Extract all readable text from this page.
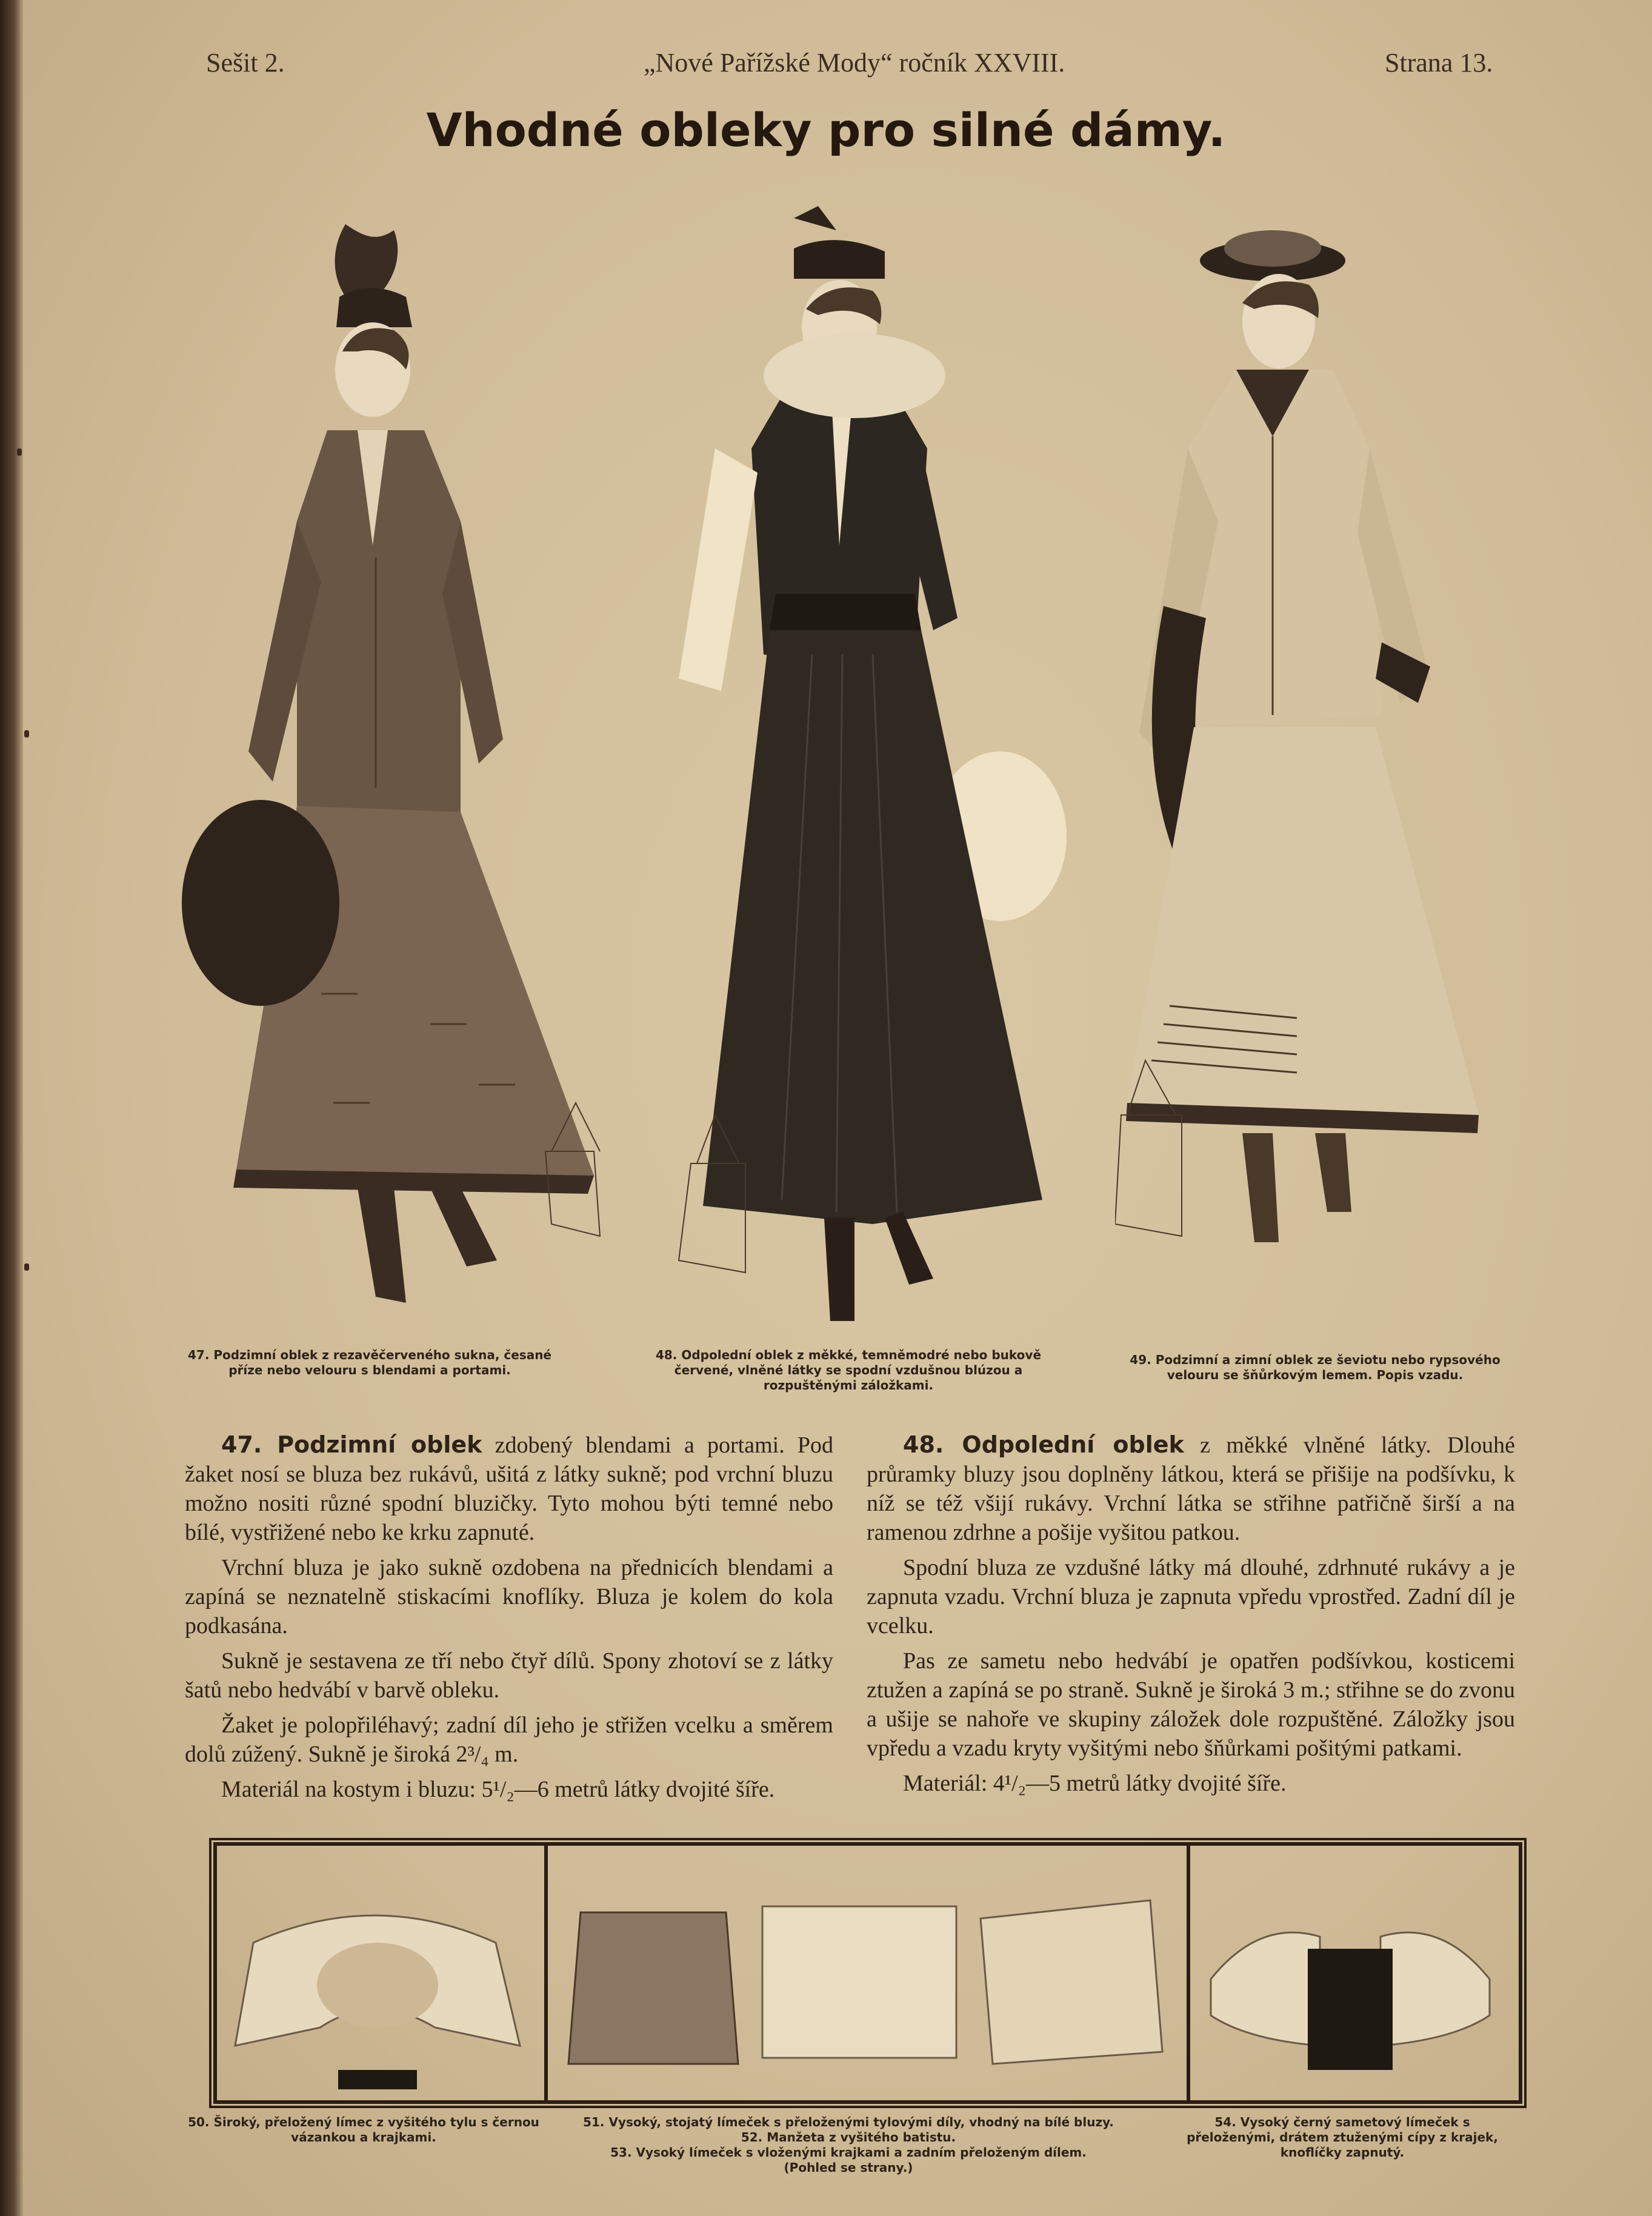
Sešit 2.	„Nové Pařížské Mody“ ročník XXVIII.	Strana 13.
Vhodné obleky pro silné dámy.
47. Podzimní oblek z rezavěčerveného sukna, česané příze nebo velouru s blendami a portami.
48. Odpolední oblek z měkké, temněmodré nebo bukově červené, vlněné látky se spodní vzdušnou blúzou a rozpuštěnými záložkami.
49. Podzimní a zimní oblek ze ševiotu nebo rypsového velouru se šňůrkovým lemem. Popis vzadu.

47. Podzimní oblek zdobený blendami a portami. Pod žaket nosí se bluza bez rukávů, ušitá z látky sukně; pod vrchní bluzu možno nositi různé spodní bluzičky. Tyto mohou býti temné nebo bílé, vystřižené nebo ke krku zapnuté.

Vrchní bluza je jako sukně ozdobena na přednicích blendami a zapíná se neznatelně stiskacími knoflíky. Bluza je kolem do kola podkasána.

Sukně je sestavena ze tří nebo čtyř dílů. Spony zhotoví se z látky šatů nebo hedvábí v barvě obleku.

Žaket je polopřiléhavý; zadní díl jeho je střižen vcelku a směrem dolů zúžený. Sukně je široká 2³/₄ m.

Materiál na kostym i bluzu: 5¹/₂—6 metrů látky dvojité šíře.

48. Odpolední oblek z měkké vlněné látky. Dlouhé průramky bluzy jsou doplněny látkou, která se přišije na podšívku, k níž se též všijí rukávy. Vrchní látka se střihne patřičně širší a na ramenou zdrhne a pošije vyšitou patkou.

Spodní bluza ze vzdušné látky má dlouhé, zdrhnuté rukávy a je zapnuta vzadu. Vrchní bluza je zapnuta vpředu vprostřed. Zadní díl je vcelku.

Pas ze sametu nebo hedvábí je opatřen podšívkou, kosticemi ztužen a zapíná se po straně. Sukně je široká 3 m.; střihne se do zvonu a ušije se nahoře ve skupiny záložek dole rozpuštěné. Záložky jsou vpředu a vzadu kryty vyšitými nebo šňůrkami pošitými patkami.

Materiál: 4¹/₂—5 metrů látky dvojité šíře.

50. Široký, přeložený límec z vyšitého tylu s černou vázankou a krajkami.
51. Vysoký, stojatý límeček s přeloženými tylovými díly, vhodný na bílé bluzy.
52. Manžeta z vyšitého batistu.
53. Vysoký límeček s vloženými krajkami a zadním přeloženým dílem.
(Pohled se strany.)
54. Vysoký černý sametový límeček s přeloženými, drátem ztuženými cípy z krajek, knoflíčky zapnutý.
